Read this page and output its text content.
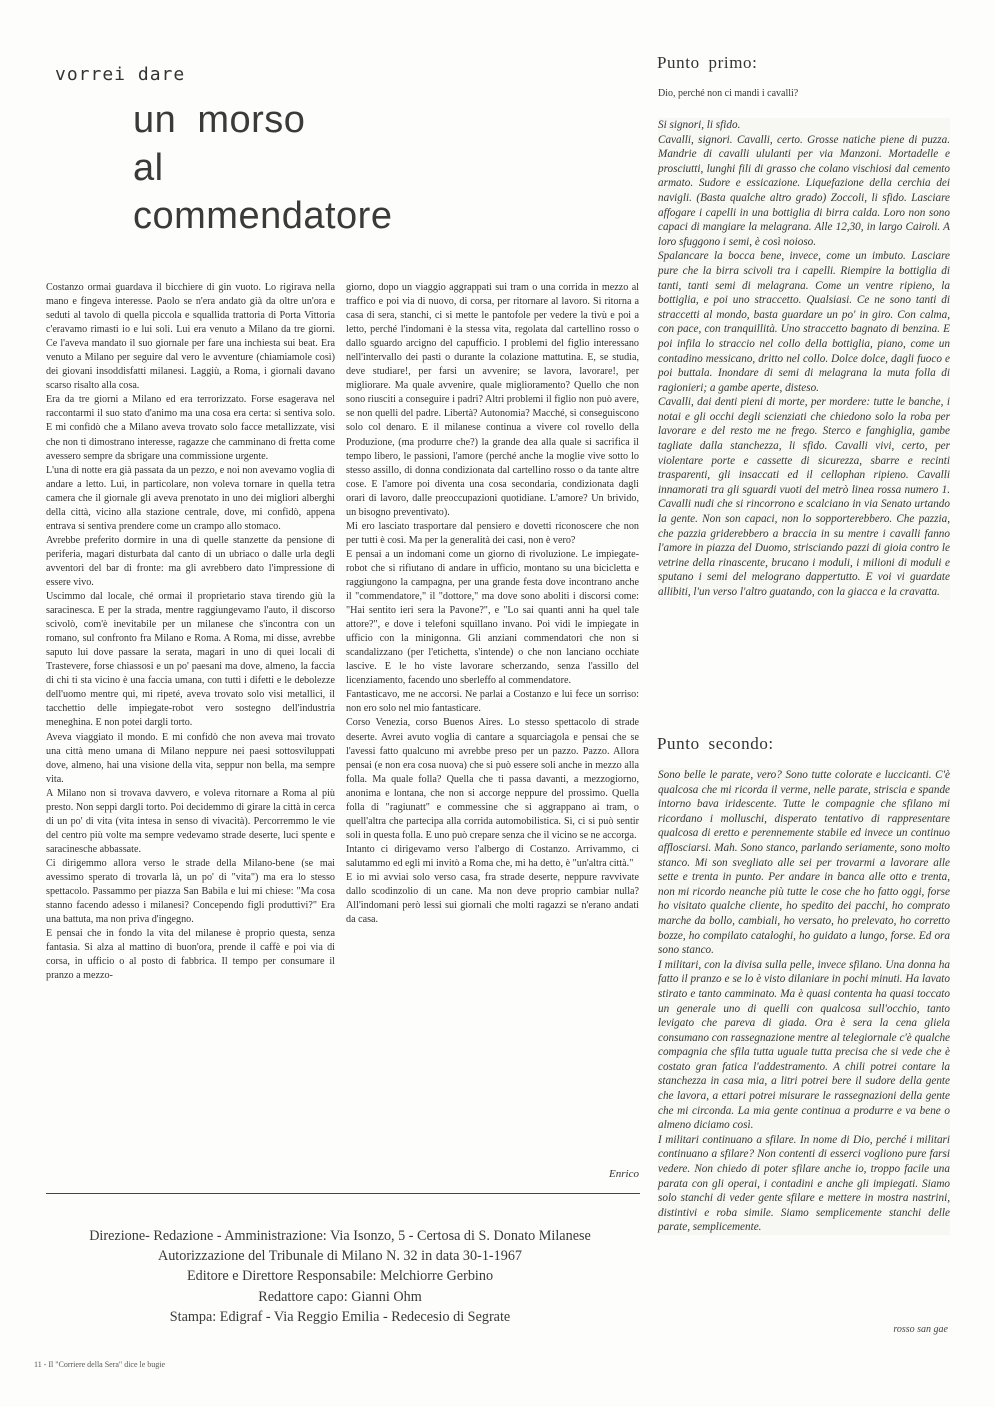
vorrei dare

un morso
al
commendatore

Costanzo ormai guardava il bicchiere di gin vuoto. Lo rigirava nella mano e fingeva interesse. Paolo se n'era andato già da oltre un'ora e seduti al tavolo di quella piccola e squallida trattoria di Porta Vittoria c'eravamo rimasti io e lui soli. Lui era venuto a Milano da tre giorni. Ce l'aveva mandato il suo giornale per fare una inchiesta sui beat. Era venuto a Milano per seguire dal vero le avventure (chiamiamole così) dei giovani insoddisfatti milanesi. Laggiù, a Roma, i giornali davano scarso risalto alla cosa.

Era da tre giorni a Milano ed era terrorizzato. Forse esagerava nel raccontarmi il suo stato d'animo ma una cosa era certa: si sentiva solo. E mi confidò che a Milano aveva trovato solo facce metallizzate, visi che non ti dimostrano interesse, ragazze che camminano di fretta come avessero sempre da sbrigare una commissione urgente.

L'una di notte era già passata da un pezzo, e noi non avevamo voglia di andare a letto. Lui, in particolare, non voleva tornare in quella tetra camera che il giornale gli aveva prenotato in uno dei migliori alberghi della città, vicino alla stazione centrale, dove, mi confidò, appena entrava si sentiva prendere come un crampo allo stomaco.

Avrebbe preferito dormire in una di quelle stanzette da pensione di periferia, magari disturbata dal canto di un ubriaco o dalle urla degli avventori del bar di fronte: ma gli avrebbero dato l'impressione di essere vivo.

Uscimmo dal locale, ché ormai il proprietario stava tirendo giù la saracinesca. E per la strada, mentre raggiungevamo l'auto, il discorso scivolò, com'è inevitabile per un milanese che s'incontra con un romano, sul confronto fra Milano e Roma. A Roma, mi disse, avrebbe saputo lui dove passare la serata, magari in uno di quei locali di Trastevere, forse chiassosi e un po' paesani ma dove, almeno, la faccia di chi ti sta vicino è una faccia umana, con tutti i difetti e le debolezze dell'uomo mentre qui, mi ripeté, aveva trovato solo visi metallici, il tacchettio delle impiegate-robot vero sostegno dell'industria meneghina. E non potei dargli torto.

Aveva viaggiato il mondo. E mi confidò che non aveva mai trovato una città meno umana di Milano neppure nei paesi sottosviluppati dove, almeno, hai una visione della vita, seppur non bella, ma sempre vita.

A Milano non si trovava davvero, e voleva ritornare a Roma al più presto. Non seppi dargli torto. Poi decidemmo di girare la città in cerca di un po' di vita (vita intesa in senso di vivacità). Percorremmo le vie del centro più volte ma sempre vedevamo strade deserte, luci spente e saracinesche abbassate.

Ci dirigemmo allora verso le strade della Milano-bene (se mai avessimo sperato di trovarla là, un po' di "vita") ma era lo stesso spettacolo. Passammo per piazza San Babila e lui mi chiese: "Ma cosa stanno facendo adesso i milanesi? Concependo figli produttivi?" Era una battuta, ma non priva d'ingegno.

E pensai che in fondo la vita del milanese è proprio questa, senza fantasia. Si alza al mattino di buon'ora, prende il caffè e poi via di corsa, in ufficio o al posto di fabbrica. Il tempo per consumare il pranzo a mezzo-

giorno, dopo un viaggio aggrappati sui tram o una corrida in mezzo al traffico e poi via di nuovo, di corsa, per ritornare al lavoro. Si ritorna a casa di sera, stanchi, ci si mette le pantofole per vedere la tivù e poi a letto, perché l'indomani è la stessa vita, regolata dal cartellino rosso o dallo sguardo arcigno del capufficio. I problemi del figlio interessano nell'intervallo dei pasti o durante la colazione mattutina. E, se studia, deve studiare!, per farsi un avvenire; se lavora, lavorare!, per migliorare. Ma quale avvenire, quale miglioramento? Quello che non sono riusciti a conseguire i padri? Altri problemi il figlio non può avere, se non quelli del padre. Libertà? Autonomia? Macché, si conseguiscono solo col denaro. E il milanese continua a vivere col rovello della Produzione, (ma produrre che?) la grande dea alla quale si sacrifica il tempo libero, le passioni, l'amore (perché anche la moglie vive sotto lo stesso assillo, di donna condizionata dal cartellino rosso o da tante altre cose. E l'amore poi diventa una cosa secondaria, condizionata dagli orari di lavoro, dalle preoccupazioni quotidiane. L'amore? Un brivido, un bisogno preventivato).

Mi ero lasciato trasportare dal pensiero e dovetti riconoscere che non per tutti è così. Ma per la generalità dei casi, non è vero?

E pensai a un indomani come un giorno di rivoluzione. Le impiegate-robot che si rifiutano di andare in ufficio, montano su una bicicletta e raggiungono la campagna, per una grande festa dove incontrano anche il "commendatore," il "dottore," ma dove sono aboliti i discorsi come: "Hai sentito ieri sera la Pavone?", e "Lo sai quanti anni ha quel tale attore?", e dove i telefoni squillano invano. Poi vidi le impiegate in ufficio con la minigonna. Gli anziani commendatori che non si scandalizzano (per l'etichetta, s'intende) o che non lanciano occhiate lascive. E le ho viste lavorare scherzando, senza l'assillo del licenziamento, facendo uno sberleffo al commendatore.

Fantasticavo, me ne accorsi. Ne parlai a Costanzo e lui fece un sorriso: non ero solo nel mio fantasticare.

Corso Venezia, corso Buenos Aires. Lo stesso spettacolo di strade deserte. Avrei avuto voglia di cantare a squarciagola e pensai che se l'avessi fatto qualcuno mi avrebbe preso per un pazzo. Pazzo. Allora pensai (e non era cosa nuova) che si può essere soli anche in mezzo alla folla. Ma quale folla? Quella che ti passa davanti, a mezzogiorno, anonima e lontana, che non si accorge neppure del prossimo. Quella folla di "ragiunatt" e commessine che si aggrappano ai tram, o quell'altra che partecipa alla corrida automobilistica. Sì, ci si può sentir soli in questa folla. E uno può crepare senza che il vicino se ne accorga.

Intanto ci dirigevamo verso l'albergo di Costanzo. Arrivammo, ci salutammo ed egli mi invitò a Roma che, mi ha detto, è "un'altra città."

E io mi avviai solo verso casa, fra strade deserte, neppure ravvivate dallo scodinzolio di un cane. Ma non deve proprio cambiar nulla? All'indomani però lessi sui giornali che molti ragazzi se n'erano andati da casa.

Enrico

Direzione- Redazione - Amministrazione: Via Isonzo, 5 - Certosa di S. Donato Milanese
Autorizzazione del Tribunale di Milano N. 32 in data 30-1-1967
Editore e Direttore Responsabile: Melchiorre Gerbino
Redattore capo: Gianni Ohm
Stampa: Edigraf - Via Reggio Emilia - Redecesio di Segrate

11 - Il "Corriere della Sera" dice le bugie

Punto primo:

Dio, perché non ci mandi i cavalli?

Si signori, li sfido.

Cavalli, signori. Cavalli, certo. Grosse natiche piene di puzza. Mandrie di cavalli ululanti per via Manzoni. Mortadelle e prosciutti, lunghi fili di grasso che colano vischiosi dal cemento armato. Sudore e essicazione. Liquefazione della cerchia dei navigli. (Basta qualche altro grado) Zoccoli, li sfido. Lasciare affogare i capelli in una bottiglia di birra calda. Loro non sono capaci di mangiare la melagrana. Alle 12,30, in largo Cairoli. A loro sfuggono i semi, è così noioso.

Spalancare la bocca bene, invece, come un imbuto. Lasciare pure che la birra scivoli tra i capelli. Riempire la bottiglia di tanti, tanti semi di melagrana. Come un ventre ripieno, la bottiglia, e poi uno straccetto. Qualsiasi. Ce ne sono tanti di straccetti al mondo, basta guardare un po' in giro. Con calma, con pace, con tranquillità. Uno straccetto bagnato di benzina. E poi infila lo straccio nel collo della bottiglia, piano, come un contadino messicano, dritto nel collo. Dolce dolce, dagli fuoco e poi buttala. Inondare di semi di melagrana la muta folla di ragionieri; a gambe aperte, disteso.

Cavalli, dai denti pieni di morte, per mordere: tutte le banche, i notai e gli occhi degli scienziati che chiedono solo la roba per lavorare e del resto me ne frego. Sterco e fanghiglia, gambe tagliate dalla stanchezza, li sfido. Cavalli vivi, certo, per violentare porte e cassette di sicurezza, sbarre e recinti trasparenti, gli insaccati ed il cellophan ripieno. Cavalli innamorati tra gli sguardi vuoti del metrò linea rossa numero 1. Cavalli nudi che si rincorrono e scalciano in via Senato urtando la gente. Non son capaci, non lo sopporterebbero. Che pazzia, che pazzia griderebbero a braccia in su mentre i cavalli fanno l'amore in piazza del Duomo, strisciando pazzi di gioia contro le vetrine della rinascente, brucano i moduli, i milioni di moduli e sputano i semi del melograno dappertutto. E voi vi guardate allibiti, l'un verso l'altro guatando, con la giacca e la cravatta.

Punto secondo:

Sono belle le parate, vero? Sono tutte colorate e luccicanti. C'è qualcosa che mi ricorda il verme, nelle parate, striscia e spande intorno bava iridescente. Tutte le compagnie che sfilano mi ricordano i molluschi, disperato tentativo di rappresentare qualcosa di eretto e perennemente stabile ed invece un continuo afflosciarsi. Mah. Sono stanco, parlando seriamente, sono molto stanco. Mi son svegliato alle sei per trovarmi a lavorare alle sette e trenta in punto. Per andare in banca alle otto e trenta, non mi ricordo neanche più tutte le cose che ho fatto oggi, forse ho visitato qualche cliente, ho spedito dei pacchi, ho comprato marche da bollo, cambiali, ho versato, ho prelevato, ho corretto bozze, ho compilato cataloghi, ho guidato a lungo, forse. Ed ora sono stanco.

I militari, con la divisa sulla pelle, invece sfilano. Una donna ha fatto il pranzo e se lo è visto dilaniare in pochi minuti. Ha lavato stirato e tanto camminato. Ma è quasi contenta ha quasi toccato un generale uno di quelli con qualcosa sull'occhio, tanto levigato che pareva di giada. Ora è sera la cena gliela consumano con rassegnazione mentre al telegiornale c'è qualche compagnia che sfila tutta uguale tutta precisa che si vede che è costato gran fatica l'addestramento. A chili potrei contare la stanchezza in casa mia, a litri potrei bere il sudore della gente che lavora, a ettari potrei misurare le rassegnazioni della gente che mi circonda. La mia gente continua a produrre e va bene o almeno diciamo così.

I militari continuano a sfilare. In nome di Dio, perché i militari continuano a sfilare? Non contenti di esserci vogliono pure farsi vedere. Non chiedo di poter sfilare anche io, troppo facile una parata con gli operai, i contadini e anche gli impiegati. Siamo solo stanchi di veder gente sfilare e mettere in mostra nastrini, distintivi e roba simile. Siamo semplicemente stanchi delle parate, semplicemente.

rosso san gae
